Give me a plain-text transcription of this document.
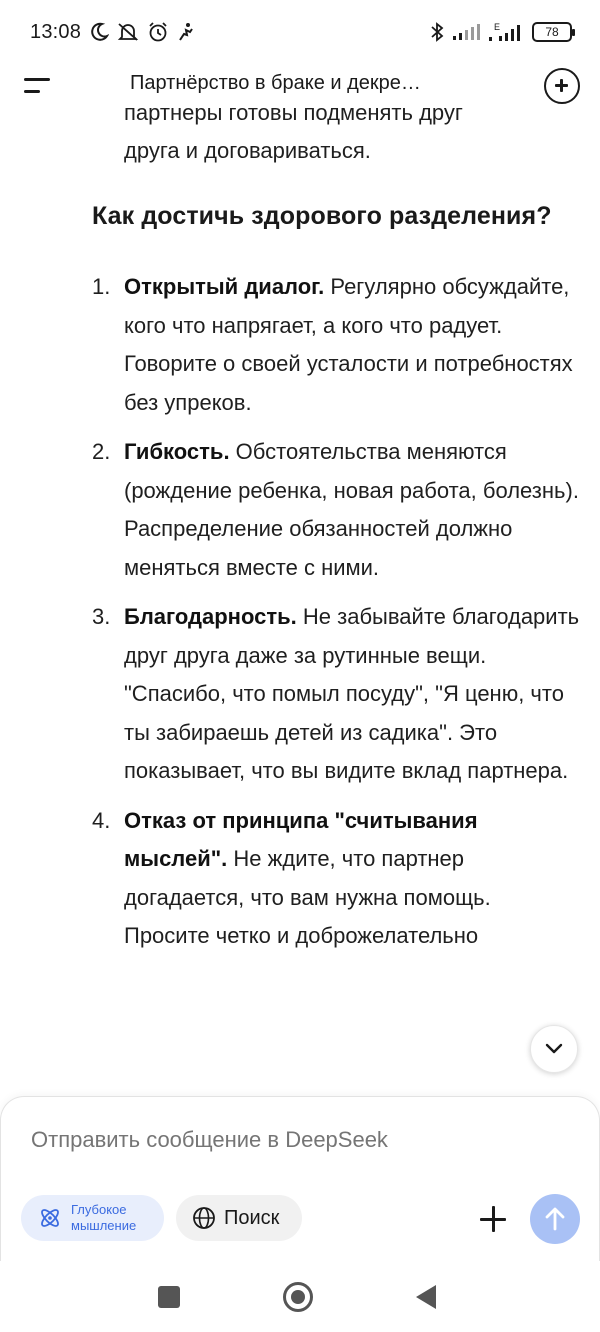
13:08	E	78
Партнёрство в браке и декре…
партнеры готовы подменять друг
друга и договариваться.
Как достичь здорового разделения?
1. Открытый диалог. Регулярно обсуждайте, кого что напрягает, а кого что радует. Говорите о своей усталости и потребностях без упреков.
2. Гибкость. Обстоятельства меняются (рождение ребенка, новая работа, болезнь). Распределение обязанностей должно меняться вместе с ними.
3. Благодарность. Не забывайте благодарить друг друга даже за рутинные вещи. "Спасибо, что помыл посуду", "Я ценю, что ты забираешь детей из садика". Это показывает, что вы видите вклад партнера.
4. Отказ от принципа "считывания мыслей". Не ждите, что партнер догадается, что вам нужна помощь. Просите четко и доброжелательно
Отправить сообщение в DeepSeek
Глубокое
мышление	Поиск
